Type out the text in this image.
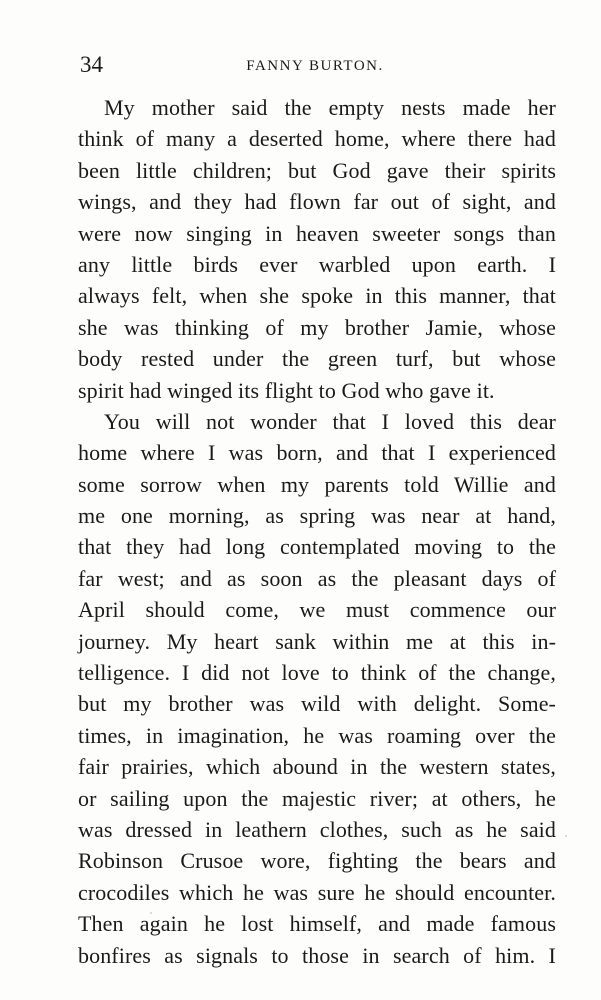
34	FANNY BURTON.
My mother said the empty nests made her
think of many a deserted home, where there had
been little children; but God gave their spirits
wings, and they had flown far out of sight, and
were now singing in heaven sweeter songs than
any little birds ever warbled upon earth. I
always felt, when she spoke in this manner, that
she was thinking of my brother Jamie, whose
body rested under the green turf, but whose
spirit had winged its flight to God who gave it.
You will not wonder that I loved this dear
home where I was born, and that I experienced
some sorrow when my parents told Willie and
me one morning, as spring was near at hand,
that they had long contemplated moving to the
far west; and as soon as the pleasant days of
April should come, we must commence our
journey. My heart sank within me at this in-
telligence. I did not love to think of the change,
but my brother was wild with delight. Some-
times, in imagination, he was roaming over the
fair prairies, which abound in the western states,
or sailing upon the majestic river; at others, he
was dressed in leathern clothes, such as he said
Robinson Crusoe wore, fighting the bears and
crocodiles which he was sure he should encounter.
Then again he lost himself, and made famous
bonfires as signals to those in search of him. I
